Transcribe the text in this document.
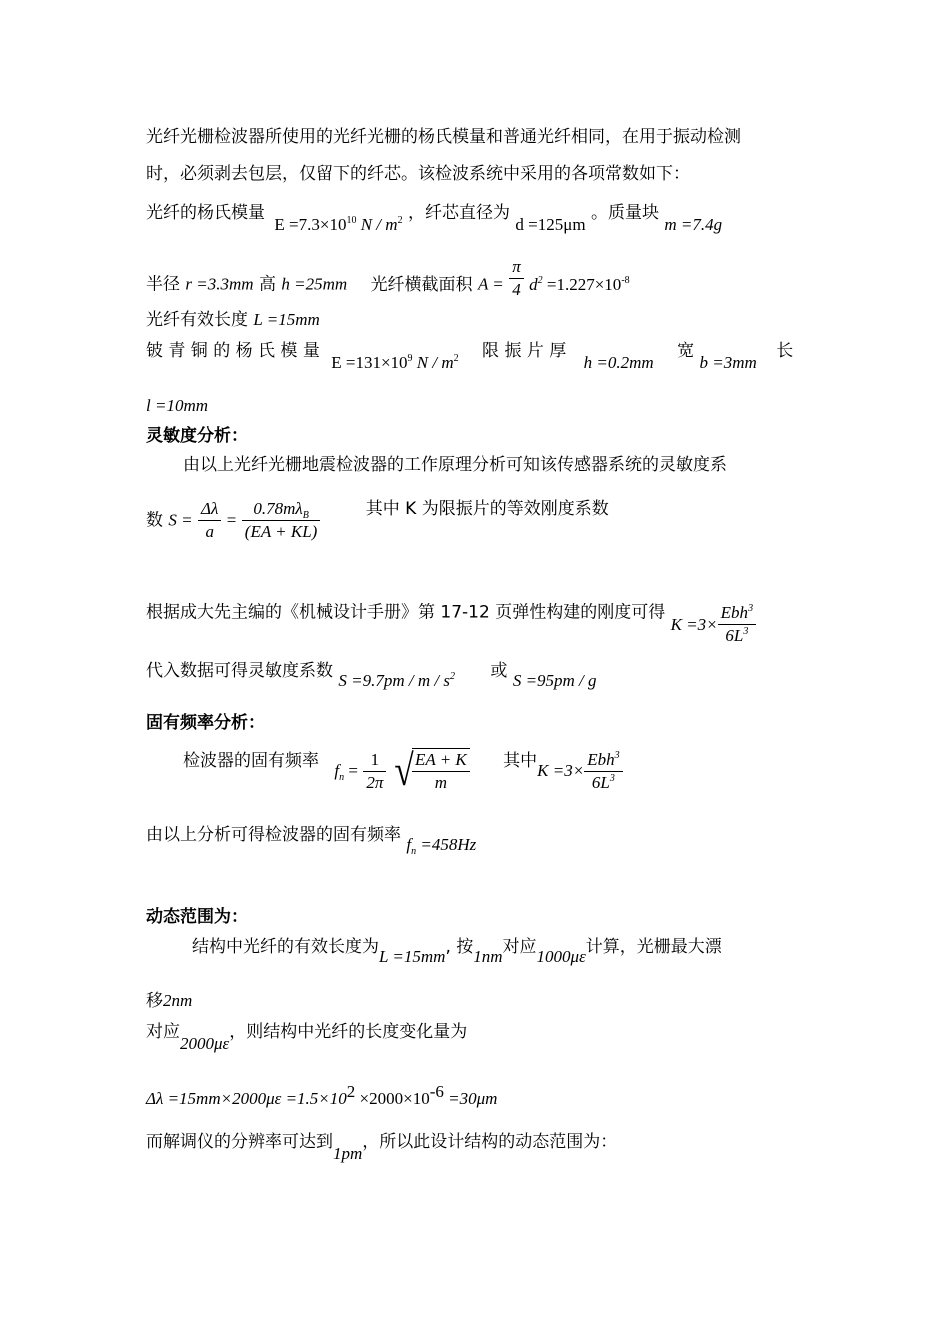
光纤光栅检波器所使用的光纤光栅的杨氏模量和普通光纤相同，在用于振动检测
时，必须剥去包层，仅留下的纤芯。该检波系统中采用的各项常数如下：
光纤的杨氏模量 $E =7.3\times 10^{10}$ N / $m^2$ ，纤芯直径为 d =125μm 。质量块 m =7.4g
半径 r =3.3mm 高 h =25mm 光纤横截面积 $A = \frac{\pi}{4} d^2 =1.227\times 10^{-8}$
光纤有效长度 L =15mm
铍 青 铜 的 杨 氏 模 量 $E =131\times 10^9$ N / $m^2$ 限 振 片 厚 h =0.2mm 宽 b =3mm 长
l =10mm
灵敏度分析：
由以上光纤光栅地震检波器的工作原理分析可知该传感器系统的灵敏度系
数 $S = \frac{\Delta\lambda}{a} = \frac{0.78m\lambda_B}{(EA + KL)}$	其中 K 为限振片的等效刚度系数
根据成大先主编的《机械设计手册》第 17-12 页弹性构建的刚度可得 $K =3\times \frac{Ebh^3}{6L^3}$
代入数据可得灵敏度系数 $S =9.7pm / m / s^2$ 或 S =95pm / g
固有频率分析：
检波器的固有频率 $f_n = \frac{1}{2\pi}$ √
$\frac{EA + K}{m}$ 其中$K =3\times \frac{Ebh^3}{6L^3}$
由以上分析可得检波器的固有频率 $f_n =458Hz$
动态范围为：
结构中光纤的有效长度为L =15mm, 按1nm对应1000με计算，光栅最大漂
移2nm
对应2000με，则结构中光纤的长度变化量为
$\Delta\lambda =15mm\times 2000\mu\varepsilon =1.5\times 10^2 \times 2000\times 10^{-6} =30\mu m$
而解调仪的分辨率可达到1pm，所以此设计结构的动态范围为：
